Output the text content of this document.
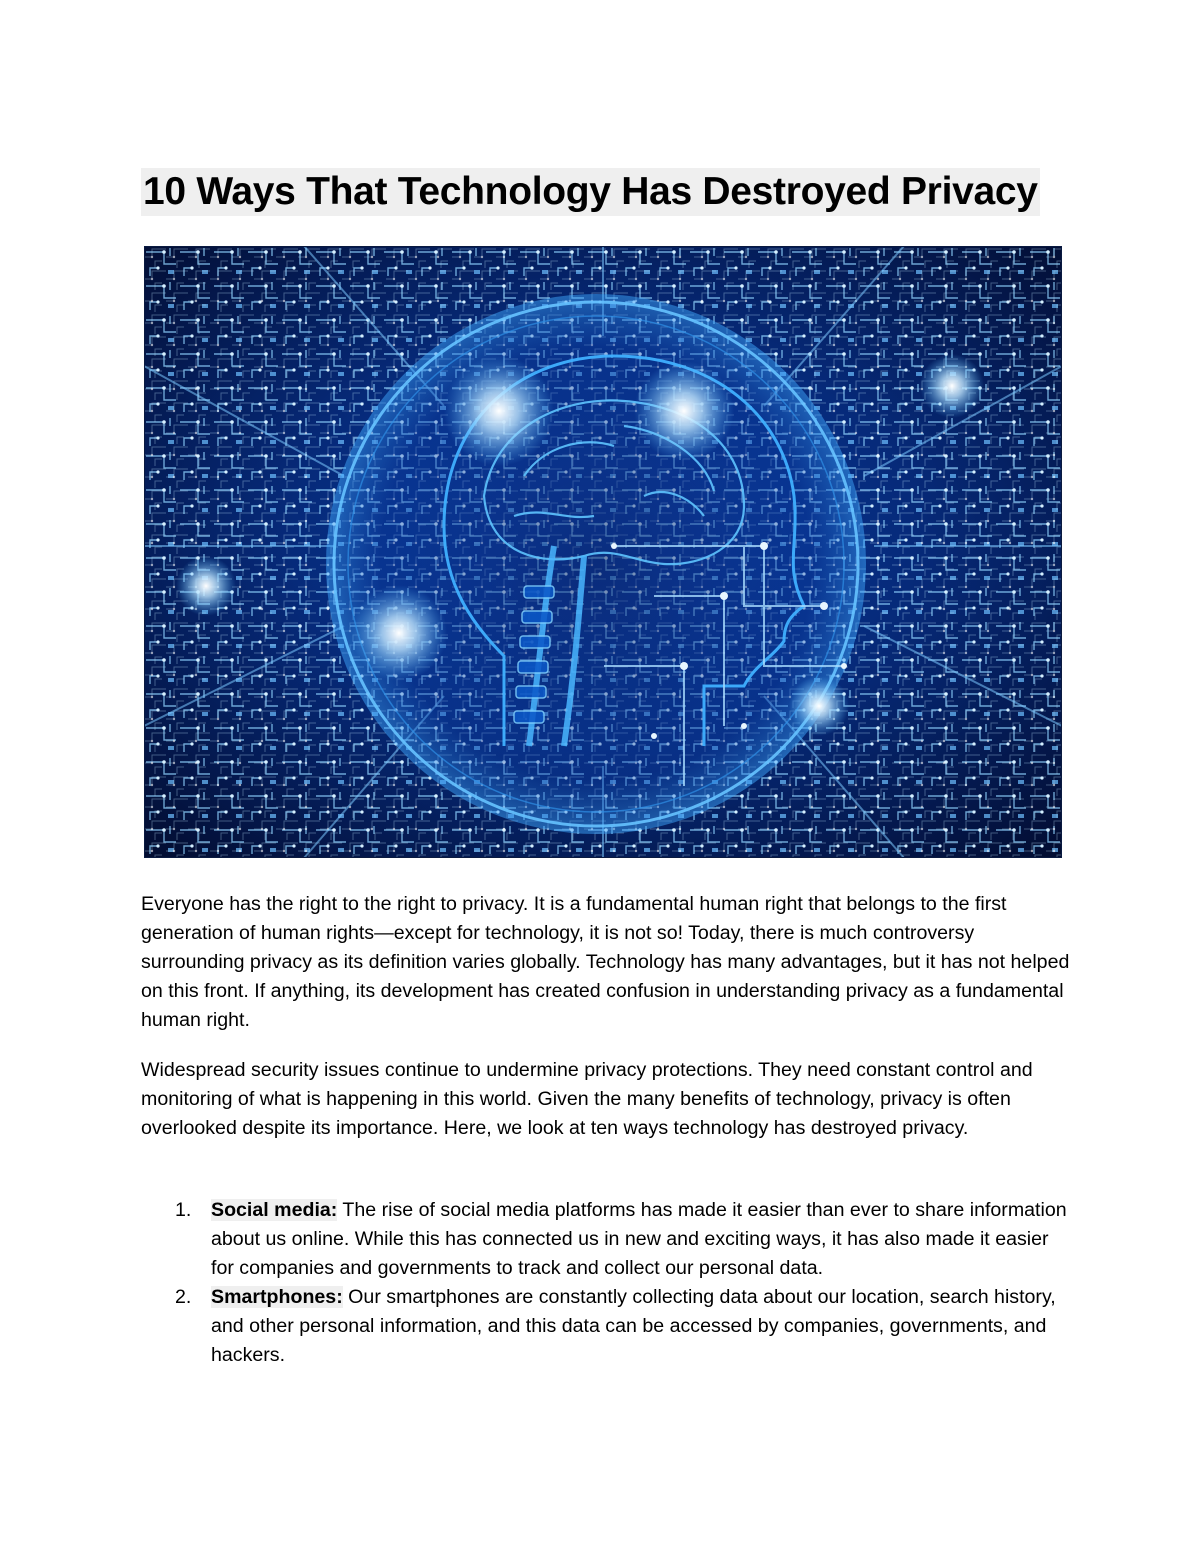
10 Ways That Technology Has Destroyed Privacy

Everyone has the right to the right to privacy. It is a fundamental human right that belongs to the first generation of human rights—except for technology, it is not so! Today, there is much controversy surrounding privacy as its definition varies globally. Technology has many advantages, but it has not helped on this front. If anything, its development has created confusion in understanding privacy as a fundamental human right.

Widespread security issues continue to undermine privacy protections. They need constant control and monitoring of what is happening in this world. Given the many benefits of technology, privacy is often overlooked despite its importance. Here, we look at ten ways technology has destroyed privacy.

1. Social media: The rise of social media platforms has made it easier than ever to share information about us online. While this has connected us in new and exciting ways, it has also made it easier for companies and governments to track and collect our personal data.
2. Smartphones: Our smartphones are constantly collecting data about our location, search history, and other personal information, and this data can be accessed by companies, governments, and hackers.
